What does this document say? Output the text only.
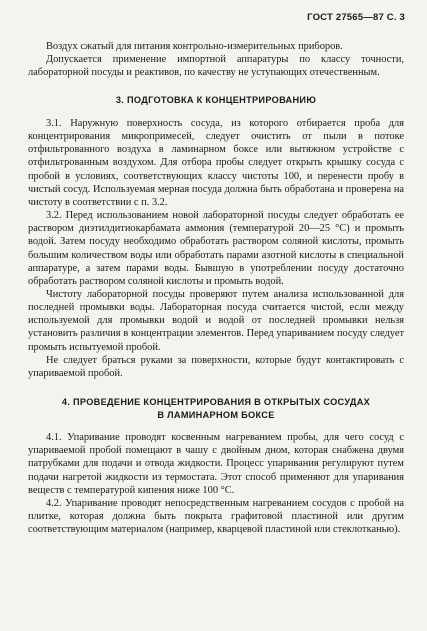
ГОСТ 27565—87 С. 3

Воздух сжатый для питания контрольно-измерительных приборов.

Допускается применение импортной аппаратуры по классу точности, лабораторной посуды и реактивов, по качеству не уступающих отечественным.

3. ПОДГОТОВКА К КОНЦЕНТРИРОВАНИЮ

3.1. Наружную поверхность сосуда, из которого отбирается проба для концентрирования микропримесей, следует очистить от пыли в потоке отфильтрованного воздуха в ламинарном боксе или вытяжном устройстве с отфильтрованным воздухом. Для отбора пробы следует открыть крышку сосуда с пробой в условиях, соответствующих классу чистоты 100, и перенести пробу в чистый сосуд. Используемая мерная посуда должна быть обработана и проверена на чистоту в соответствии с п. 3.2.

3.2. Перед использованием новой лабораторной посуды следует обработать ее раствором диэтилдитиокарбамата аммония (температурой 20—25 °С) и промыть водой. Затем посуду необходимо обработать раствором соляной кислоты, промыть большим количеством воды или обработать парами азотной кислоты в специальной аппаратуре, а затем парами воды. Бывшую в употреблении посуду достаточно обработать раствором соляной кислоты и промыть водой.

Чистоту лабораторной посуды проверяют путем анализа использованной для последней промывки воды. Лабораторная посуда считается чистой, если между используемой для промывки водой и водой от последней промывки нельзя установить различия в концентрации элементов. Перед упариванием посуду следует промыть испытуемой пробой.

Не следует браться руками за поверхности, которые будут контактировать с упариваемой пробой.

4. ПРОВЕДЕНИЕ КОНЦЕНТРИРОВАНИЯ В ОТКРЫТЫХ СОСУДАХ
В ЛАМИНАРНОМ БОКСЕ

4.1. Упаривание проводят косвенным нагреванием пробы, для чего сосуд с упариваемой пробой помещают в чашу с двойным дном, которая снабжена двумя патрубками для подачи и отвода жидкости. Процесс упаривания регулируют путем подачи нагретой жидкости из термостата. Этот способ применяют для упаривания веществ с температурой кипения ниже 100 °С.

4.2. Упаривание проводят непосредственным нагреванием сосудов с пробой на плитке, которая должна быть покрыта графитовой пластиной или другим соответствующим материалом (например, кварцевой пластиной или стеклотканью).
